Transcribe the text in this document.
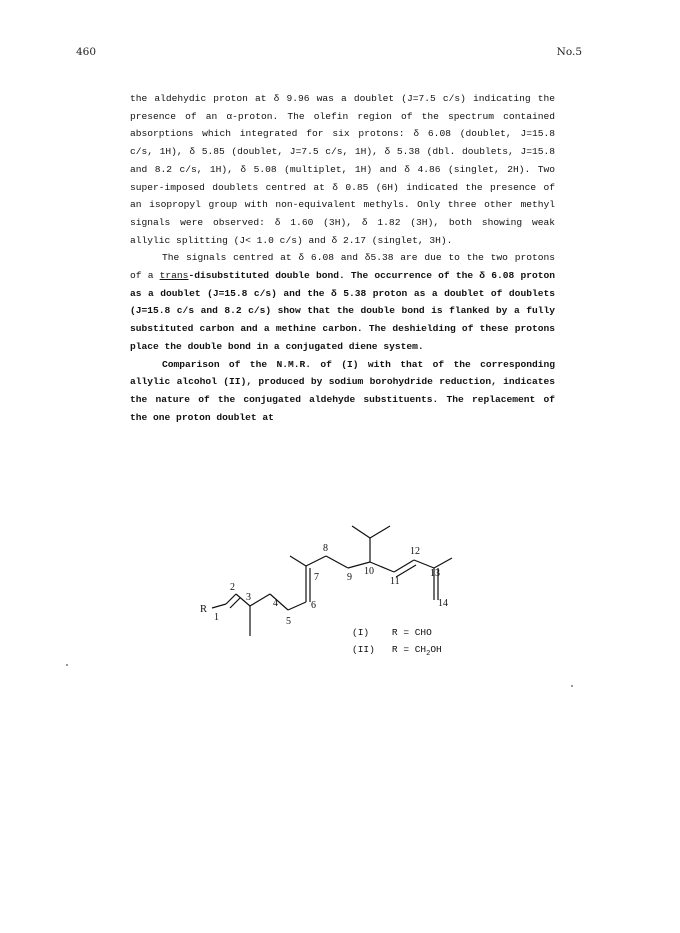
460	No.5

the aldehydic proton at δ 9.96 was a doublet (J=7.5 c/s) indicating the presence of an α-proton. The olefin region of the spectrum contained absorptions which integrated for six protons: δ 6.08 (doublet, J=15.8 c/s, 1H), δ 5.85 (doublet, J=7.5 c/s, 1H), δ 5.38 (dbl. doublets, J=15.8 and 8.2 c/s, 1H), δ 5.08 (multiplet, 1H) and δ 4.86 (singlet, 2H). Two super-imposed doublets centred at δ 0.85 (6H) indicated the presence of an isopropyl group with non-equivalent methyls. Only three other methyl signals were observed: δ 1.60 (3H), δ 1.82 (3H), both showing weak allylic splitting (J< 1.0 c/s) and δ 2.17 (singlet, 3H).

The signals centred at δ 6.08 and δ5.38 are due to the two protons of a trans-disubstituted double bond. The occurrence of the δ 6.08 proton as a doublet (J=15.8 c/s) and the δ 5.38 proton as a doublet of doublets (J=15.8 c/s and 8.2 c/s) show that the double bond is flanked by a fully substituted carbon and a methine carbon. The deshielding of these protons place the double bond in a conjugated diene system.

Comparison of the N.M.R. of (I) with that of the corresponding allylic alcohol (II), produced by sodium borohydride reduction, indicates the nature of the conjugated aldehyde substituents. The replacement of the one proton doublet at

R
1
2
3
4
5
6
7
8
9
10
11
12
13
14
(I) R = CHO
(II) $R = CH_2OH$
